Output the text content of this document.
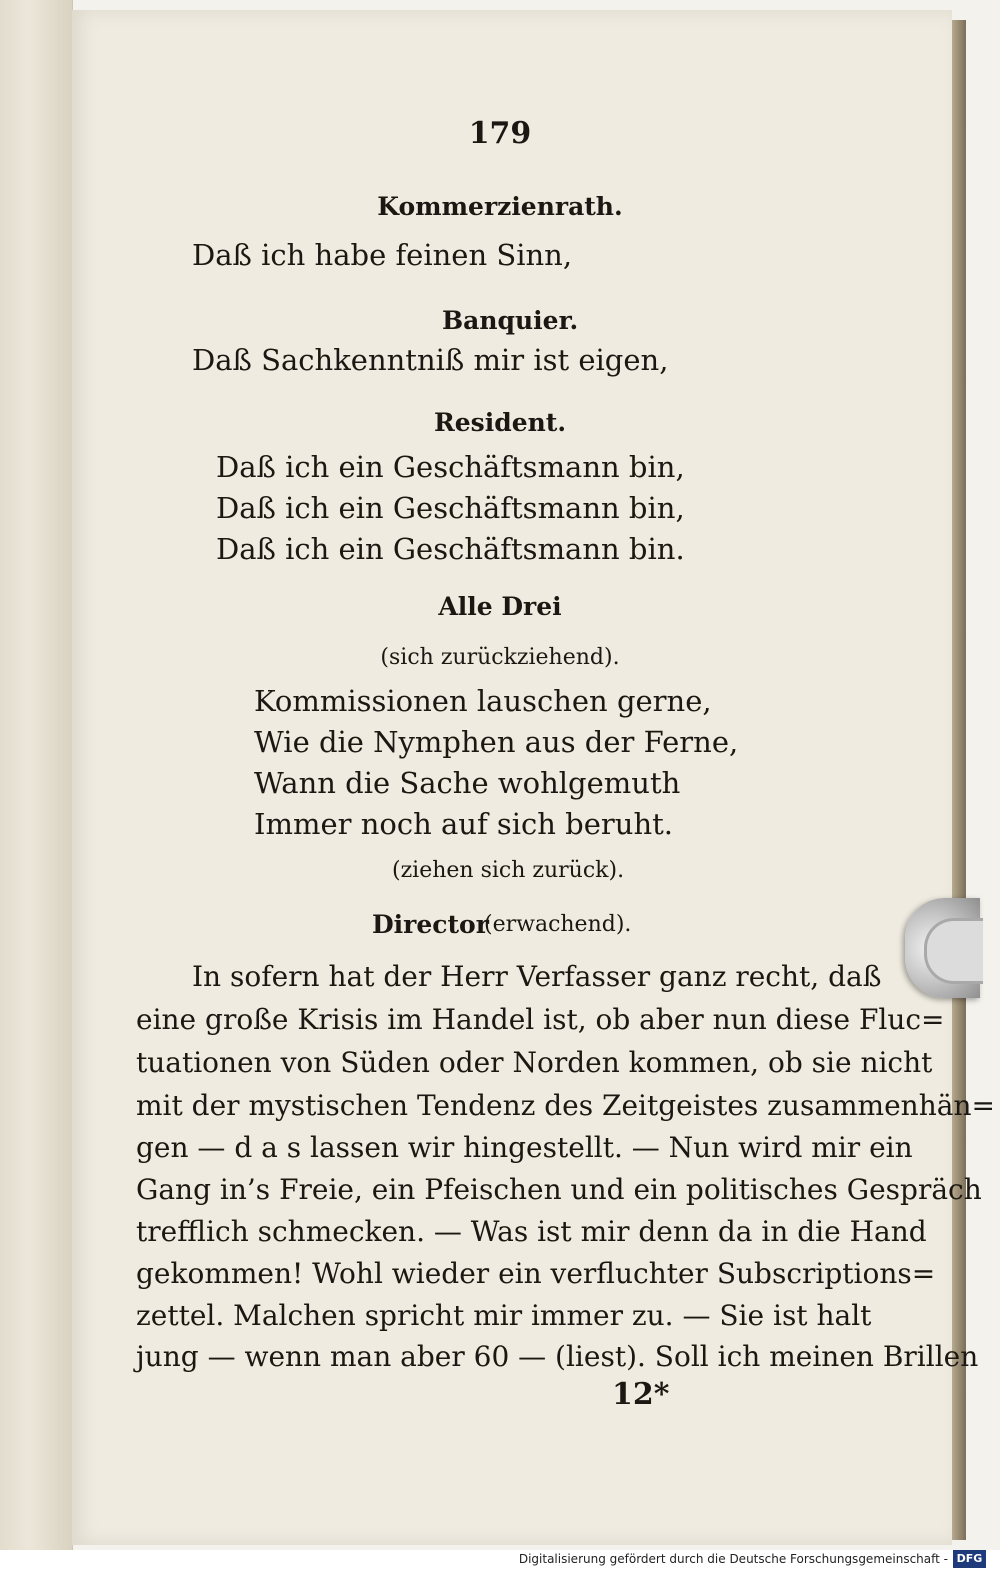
179
Kommerzienrath.
Daß ich habe feinen Sinn,
Banquier.
Daß Sachkenntniß mir ist eigen,
Resident.
Daß ich ein Geschäftsmann bin,
Daß ich ein Geschäftsmann bin,
Daß ich ein Geschäftsmann bin.
Alle Drei
(sich zurückziehend).
Kommissionen lauschen gerne,
Wie die Nymphen aus der Ferne,
Wann die Sache wohlgemuth
Immer noch auf sich beruht.
(ziehen sich zurück).
Director
(erwachend).
In sofern hat der Herr Verfasser ganz recht, daß
eine große Krisis im Handel ist, ob aber nun diese Fluc=
tuationen von Süden oder Norden kommen, ob sie nicht
mit der mystischen Tendenz des Zeitgeistes zusammenhän=
gen — d a s lassen wir hingestellt. — Nun wird mir ein
Gang in’s Freie, ein Pfeischen und ein politisches Gespräch
trefflich schmecken. — Was ist mir denn da in die Hand
gekommen! Wohl wieder ein verfluchter Subscriptions=
zettel. Malchen spricht mir immer zu. — Sie ist halt
jung — wenn man aber 60 — (liest). Soll ich meinen Brillen
12*
Digitalisierung gefördert durch die Deutsche Forschungsgemeinschaft - DFG
